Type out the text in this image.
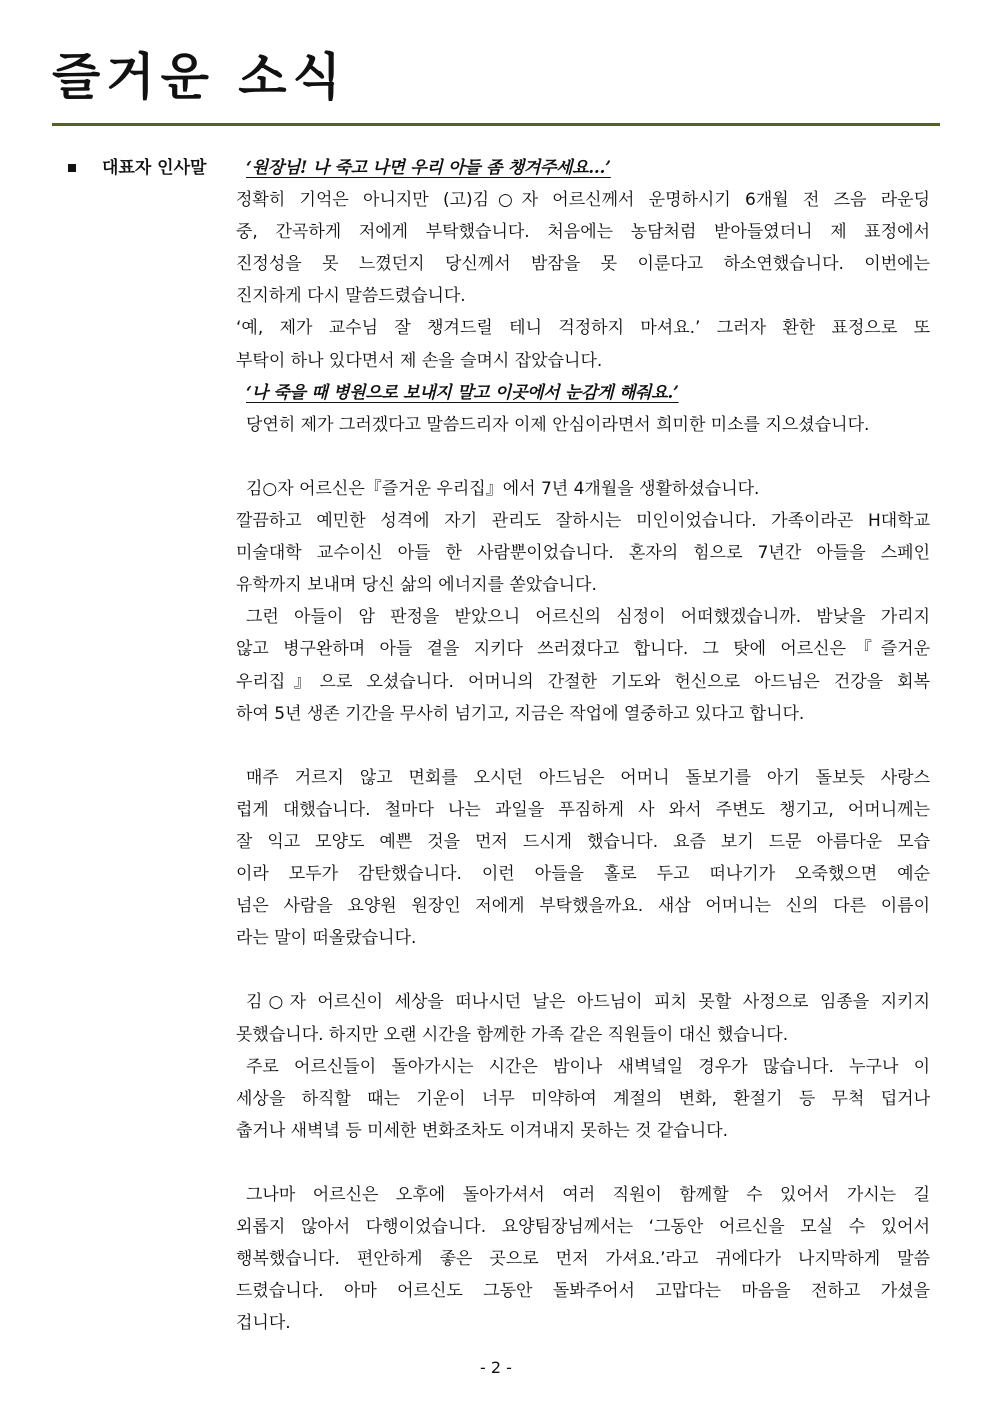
즐거운 소식
대표자 인사말	‘원장님! 나 죽고 나면 우리 아들 좀 챙겨주세요...’
정확히 기억은 아니지만 (고)김○자 어르신께서 운명하시기 6개월 전 즈음 라운딩
중, 간곡하게 저에게 부탁했습니다. 처음에는 농담처럼 받아들였더니 제 표정에서
진정성을 못 느꼈던지 당신께서 밤잠을 못 이룬다고 하소연했습니다. 이번에는
진지하게 다시 말씀드렸습니다.
‘예, 제가 교수님 잘 챙겨드릴 테니 걱정하지 마셔요.’ 그러자 환한 표정으로 또
부탁이 하나 있다면서 제 손을 슬며시 잡았습니다.
‘나 죽을 때 병원으로 보내지 말고 이곳에서 눈감게 해줘요.’
당연히 제가 그러겠다고 말씀드리자 이제 안심이라면서 희미한 미소를 지으셨습니다.
김○자 어르신은『즐거운 우리집』에서 7년 4개월을 생활하셨습니다.
깔끔하고 예민한 성격에 자기 관리도 잘하시는 미인이었습니다. 가족이라곤 H대학교
미술대학 교수이신 아들 한 사람뿐이었습니다. 혼자의 힘으로 7년간 아들을 스페인
유학까지 보내며 당신 삶의 에너지를 쏟았습니다.
그런 아들이 암 판정을 받았으니 어르신의 심정이 어떠했겠습니까. 밤낮을 가리지
않고 병구완하며 아들 곁을 지키다 쓰러졌다고 합니다. 그 탓에 어르신은『즐거운
우리집』으로 오셨습니다. 어머니의 간절한 기도와 헌신으로 아드님은 건강을 회복
하여 5년 생존 기간을 무사히 넘기고, 지금은 작업에 열중하고 있다고 합니다.
매주 거르지 않고 면회를 오시던 아드님은 어머니 돌보기를 아기 돌보듯 사랑스
럽게 대했습니다. 철마다 나는 과일을 푸짐하게 사 와서 주변도 챙기고, 어머니께는
잘 익고 모양도 예쁜 것을 먼저 드시게 했습니다. 요즘 보기 드문 아름다운 모습
이라 모두가 감탄했습니다. 이런 아들을 홀로 두고 떠나기가 오죽했으면 예순
넘은 사람을 요양원 원장인 저에게 부탁했을까요. 새삼 어머니는 신의 다른 이름이
라는 말이 떠올랐습니다.
김○자 어르신이 세상을 떠나시던 날은 아드님이 피치 못할 사정으로 임종을 지키지
못했습니다. 하지만 오랜 시간을 함께한 가족 같은 직원들이 대신 했습니다.
주로 어르신들이 돌아가시는 시간은 밤이나 새벽녘일 경우가 많습니다. 누구나 이
세상을 하직할 때는 기운이 너무 미약하여 계절의 변화, 환절기 등 무척 덥거나
춥거나 새벽녘 등 미세한 변화조차도 이겨내지 못하는 것 같습니다.
그나마 어르신은 오후에 돌아가셔서 여러 직원이 함께할 수 있어서 가시는 길
외롭지 않아서 다행이었습니다. 요양팀장님께서는 ‘그동안 어르신을 모실 수 있어서
행복했습니다. 편안하게 좋은 곳으로 먼저 가셔요.’라고 귀에다가 나지막하게 말씀
드렸습니다. 아마 어르신도 그동안 돌봐주어서 고맙다는 마음을 전하고 가셨을
겁니다.
- 2 -
